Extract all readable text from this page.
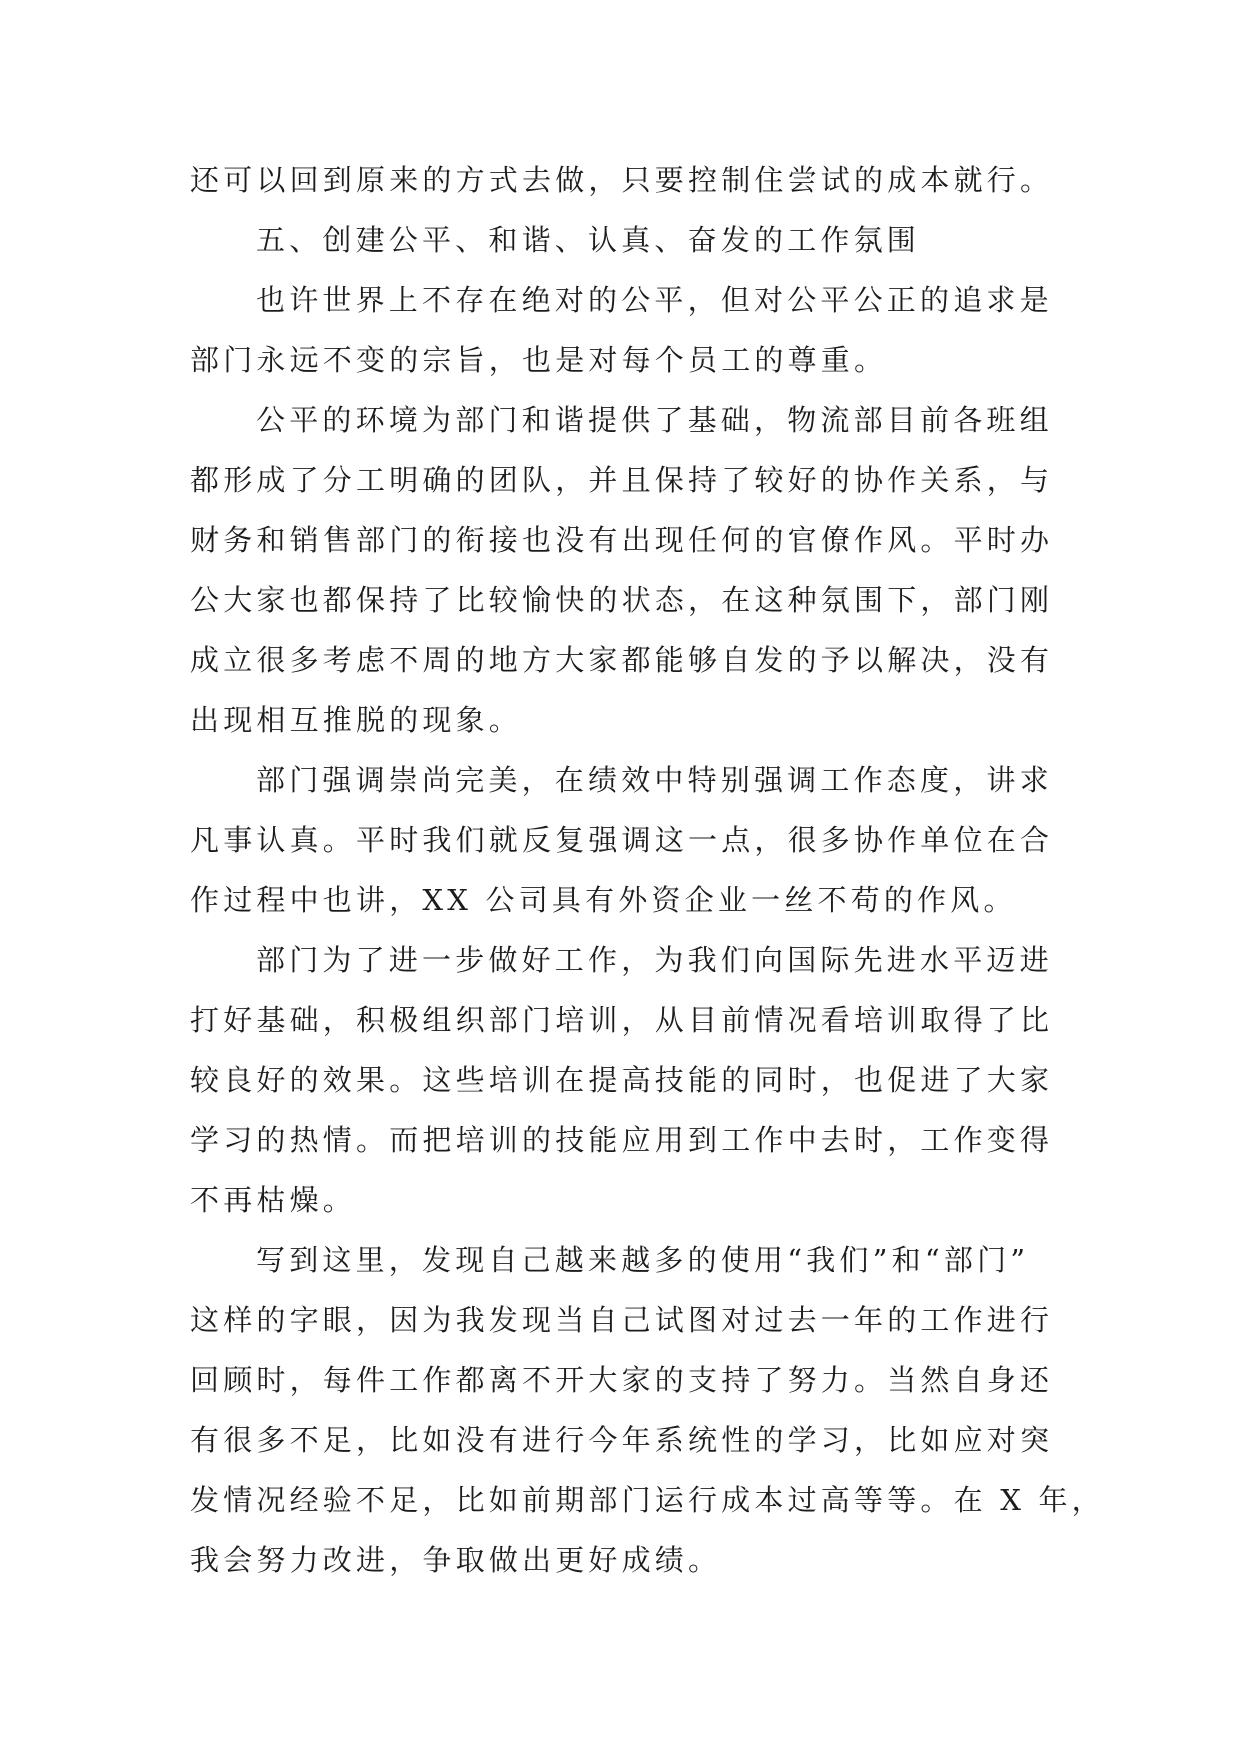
还可以回到原来的方式去做，只要控制住尝试的成本就行。
五、创建公平、和谐、认真、奋发的工作氛围
也许世界上不存在绝对的公平，但对公平公正的追求是
部门永远不变的宗旨，也是对每个员工的尊重。
公平的环境为部门和谐提供了基础，物流部目前各班组
都形成了分工明确的团队，并且保持了较好的协作关系，与
财务和销售部门的衔接也没有出现任何的官僚作风。平时办
公大家也都保持了比较愉快的状态，在这种氛围下，部门刚
成立很多考虑不周的地方大家都能够自发的予以解决，没有
出现相互推脱的现象。
部门强调崇尚完美，在绩效中特别强调工作态度，讲求
凡事认真。平时我们就反复强调这一点，很多协作单位在合
作过程中也讲，XX 公司具有外资企业一丝不苟的作风。
部门为了进一步做好工作，为我们向国际先进水平迈进
打好基础，积极组织部门培训，从目前情况看培训取得了比
较良好的效果。这些培训在提高技能的同时，也促进了大家
学习的热情。而把培训的技能应用到工作中去时，工作变得
不再枯燥。
写到这里，发现自己越来越多的使用“我们”和“部门”
这样的字眼，因为我发现当自己试图对过去一年的工作进行
回顾时，每件工作都离不开大家的支持了努力。当然自身还
有很多不足，比如没有进行今年系统性的学习，比如应对突
发情况经验不足，比如前期部门运行成本过高等等。在 X 年，
我会努力改进，争取做出更好成绩。
